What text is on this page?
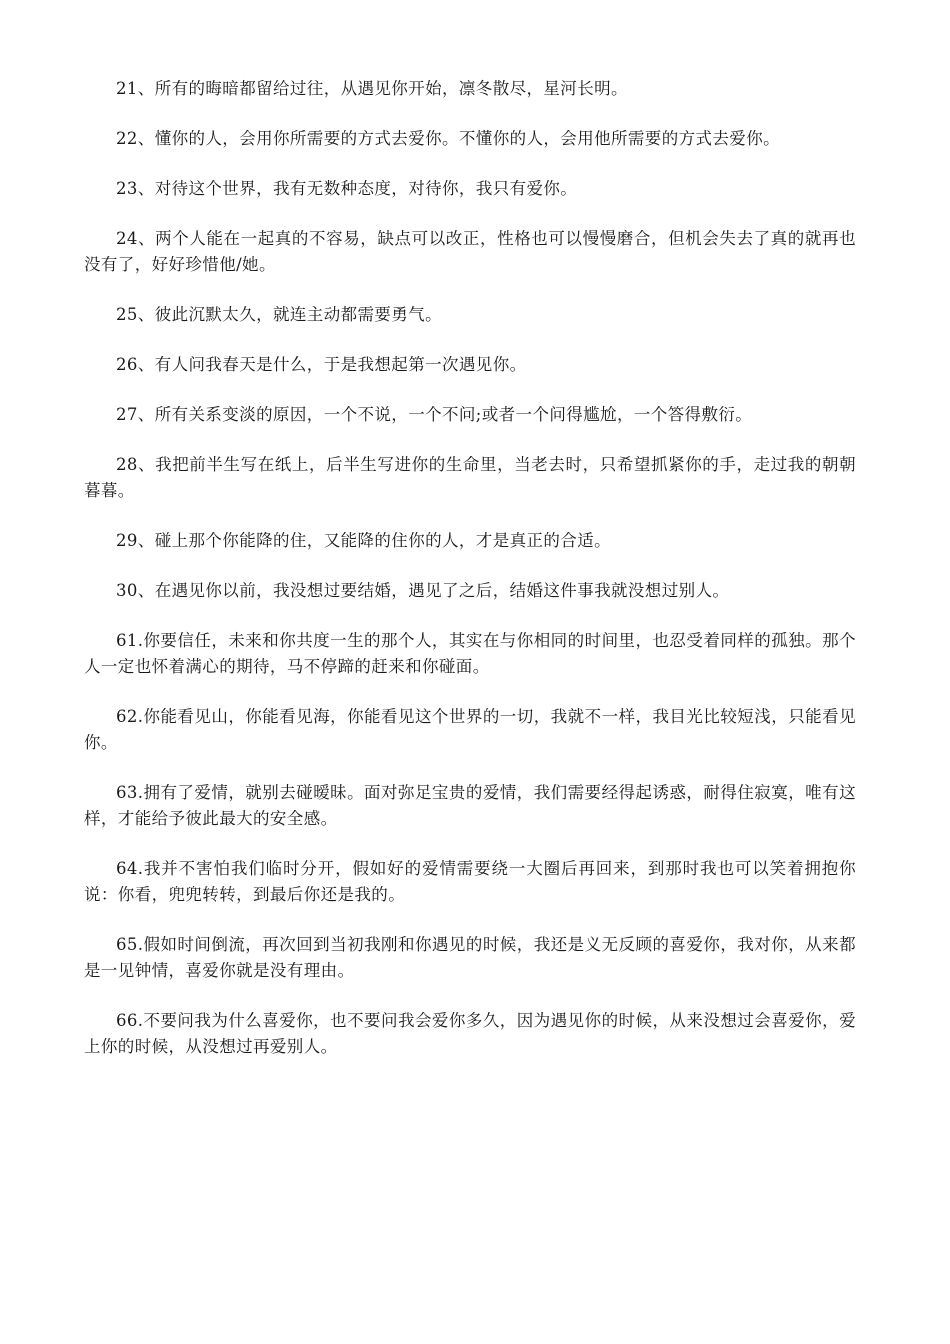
21、所有的晦暗都留给过往，从遇见你开始，凛冬散尽，星河长明。

22、懂你的人，会用你所需要的方式去爱你。不懂你的人，会用他所需要的方式去爱你。

23、对待这个世界，我有无数种态度，对待你，我只有爱你。

24、两个人能在一起真的不容易，缺点可以改正，性格也可以慢慢磨合，但机会失去了真的就再也没有了，好好珍惜他/她。

25、彼此沉默太久，就连主动都需要勇气。

26、有人问我春天是什么，于是我想起第一次遇见你。

27、所有关系变淡的原因，一个不说，一个不问;或者一个问得尴尬，一个答得敷衍。

28、我把前半生写在纸上，后半生写进你的生命里，当老去时，只希望抓紧你的手，走过我的朝朝暮暮。

29、碰上那个你能降的住，又能降的住你的人，才是真正的合适。

30、在遇见你以前，我没想过要结婚，遇见了之后，结婚这件事我就没想过别人。

61.你要信任，未来和你共度一生的那个人，其实在与你相同的时间里，也忍受着同样的孤独。那个人一定也怀着满心的期待，马不停蹄的赶来和你碰面。

62.你能看见山，你能看见海，你能看见这个世界的一切，我就不一样，我目光比较短浅，只能看见你。

63.拥有了爱情，就别去碰暧昧。面对弥足宝贵的爱情，我们需要经得起诱惑，耐得住寂寞，唯有这样，才能给予彼此最大的安全感。

64.我并不害怕我们临时分开，假如好的爱情需要绕一大圈后再回来，到那时我也可以笑着拥抱你说：你看，兜兜转转，到最后你还是我的。

65.假如时间倒流，再次回到当初我刚和你遇见的时候，我还是义无反顾的喜爱你，我对你，从来都是一见钟情，喜爱你就是没有理由。

66.不要问我为什么喜爱你，也不要问我会爱你多久，因为遇见你的时候，从来没想过会喜爱你，爱上你的时候，从没想过再爱别人。
